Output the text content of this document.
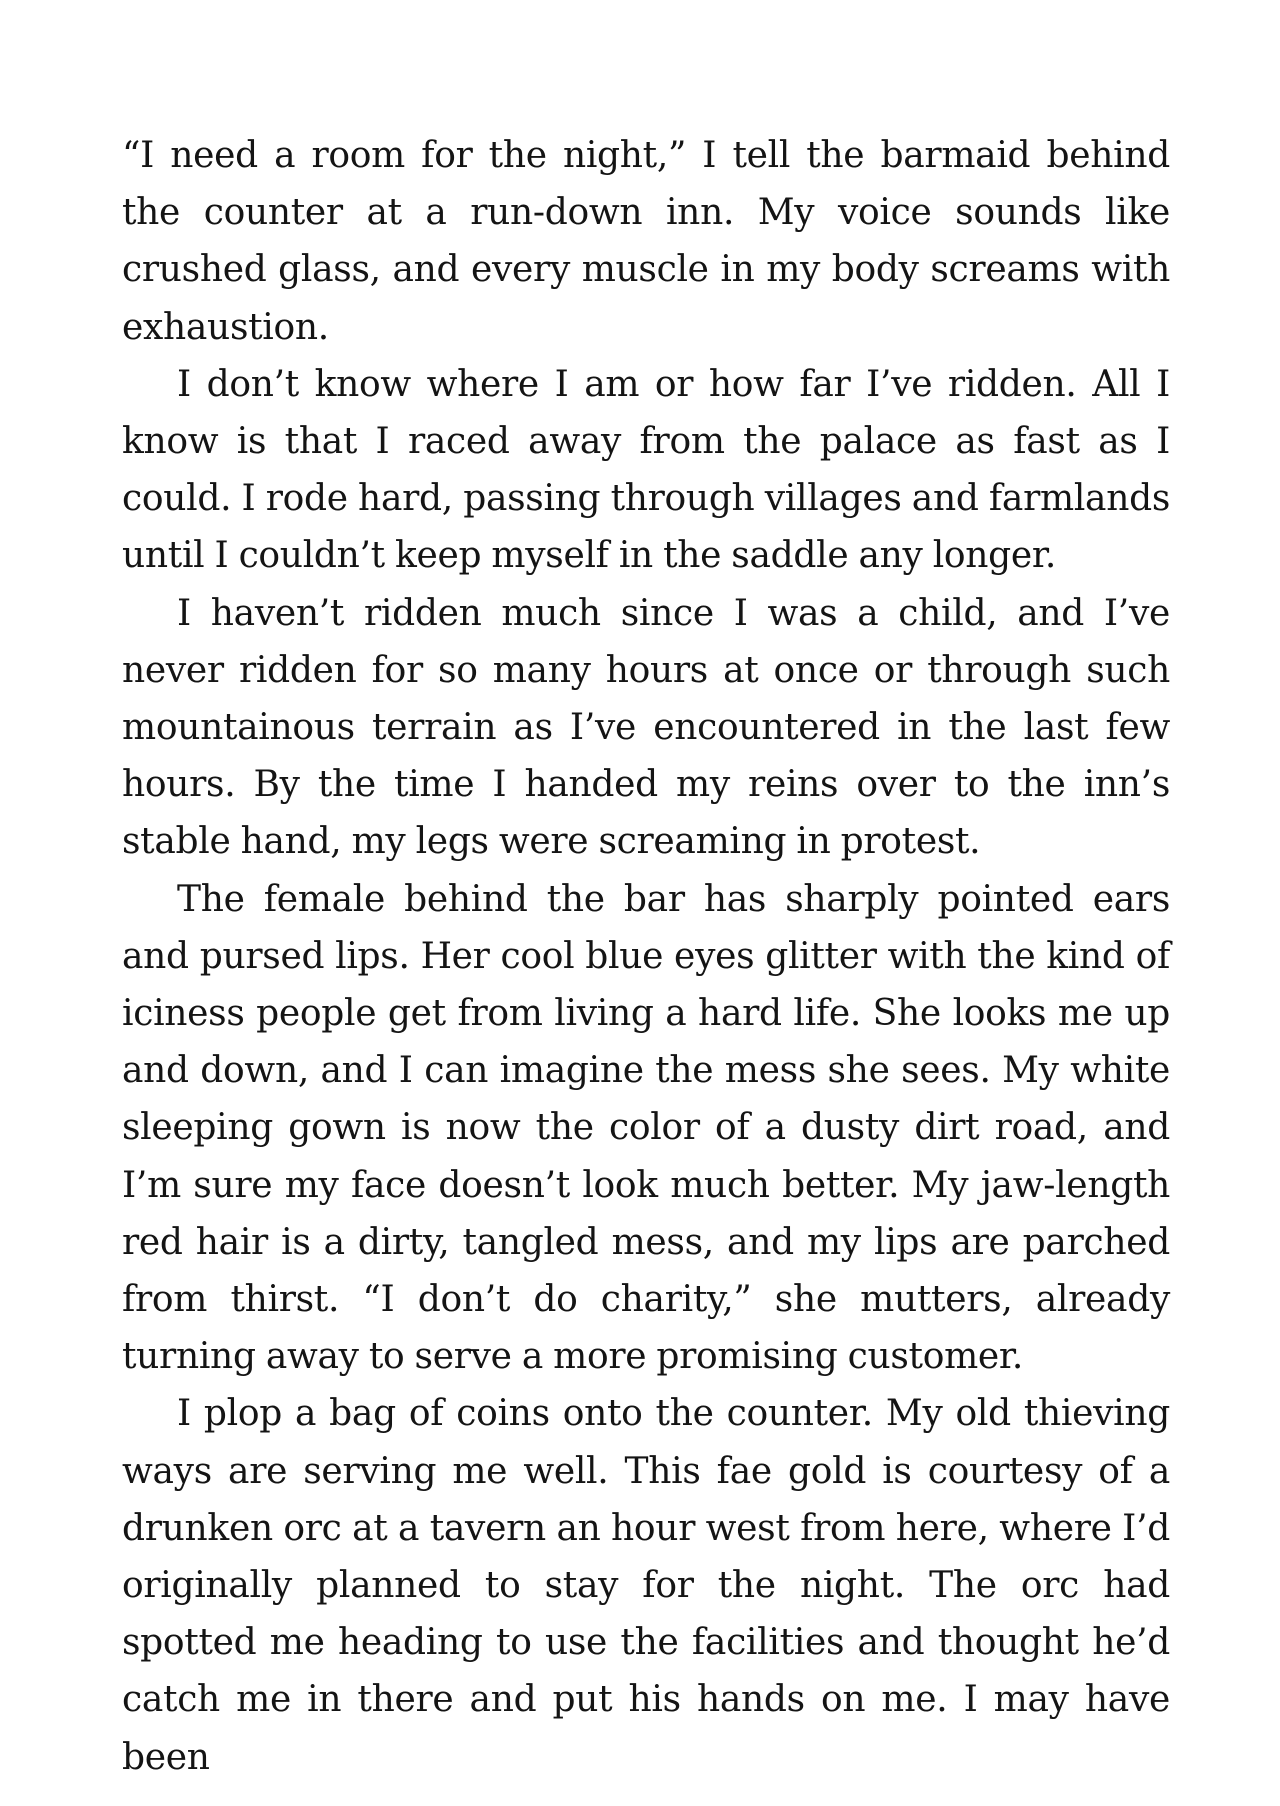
“I need a room for the night,” I tell the barmaid behind the counter at a run-down inn. My voice sounds like crushed glass, and every muscle in my body screams with exhaustion.

I don’t know where I am or how far I’ve ridden. All I know is that I raced away from the palace as fast as I could. I rode hard, passing through villages and farmlands until I couldn’t keep myself in the saddle any longer.

I haven’t ridden much since I was a child, and I’ve never ridden for so many hours at once or through such mountainous terrain as I’ve encountered in the last few hours. By the time I handed my reins over to the inn’s stable hand, my legs were screaming in protest.

The female behind the bar has sharply pointed ears and pursed lips. Her cool blue eyes glitter with the kind of iciness people get from living a hard life. She looks me up and down, and I can imagine the mess she sees. My white sleeping gown is now the color of a dusty dirt road, and I’m sure my face doesn’t look much better. My jaw-length red hair is a dirty, tangled mess, and my lips are parched from thirst. “I don’t do charity,” she mutters, already turning away to serve a more promising customer.

I plop a bag of coins onto the counter. My old thieving ways are serving me well. This fae gold is courtesy of a drunken orc at a tavern an hour west from here, where I’d originally planned to stay for the night. The orc had spotted me heading to use the facilities and thought he’d catch me in there and put his hands on me. I may have been
